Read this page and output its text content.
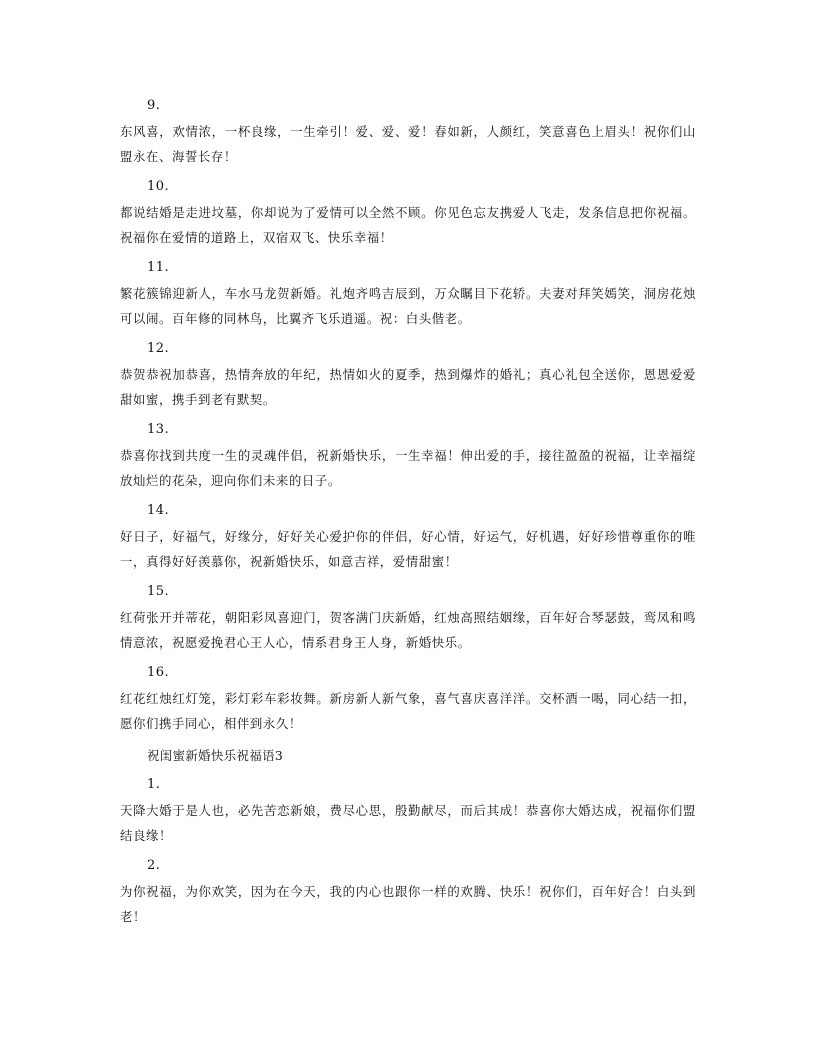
9.

东风喜，欢情浓，一杯良缘，一生牵引！爱、爱、爱！春如新，人颜红，笑意喜色上眉头！祝你们山盟永在、海誓长存！

10.

都说结婚是走进坟墓，你却说为了爱情可以全然不顾。你见色忘友携爱人飞走，发条信息把你祝福。祝福你在爱情的道路上，双宿双飞、快乐幸福！

11.

繁花簇锦迎新人，车水马龙贺新婚。礼炮齐鸣吉辰到，万众瞩目下花轿。夫妻对拜笑嫣笑，洞房花烛可以闹。百年修的同林鸟，比翼齐飞乐逍遥。祝：白头偕老。

12.

恭贺恭祝加恭喜，热情奔放的年纪，热情如火的夏季，热到爆炸的婚礼；真心礼包全送你，恩恩爱爱甜如蜜，携手到老有默契。

13.

恭喜你找到共度一生的灵魂伴侣，祝新婚快乐，一生幸福！伸出爱的手，接往盈盈的祝福，让幸福绽放灿烂的花朵，迎向你们未来的日子。

14.

好日子，好福气，好缘分，好好关心爱护你的伴侣，好心情，好运气，好机遇，好好珍惜尊重你的唯一，真得好好羡慕你，祝新婚快乐，如意吉祥，爱情甜蜜！

15.

红荷张开并蒂花，朝阳彩凤喜迎门，贺客满门庆新婚，红烛高照结姻缘，百年好合琴瑟鼓，鸾凤和鸣情意浓，祝愿爱挽君心王人心，情系君身王人身，新婚快乐。

16.

红花红烛红灯笼，彩灯彩车彩妆舞。新房新人新气象，喜气喜庆喜洋洋。交杯酒一喝，同心结一扣，愿你们携手同心，相伴到永久！

祝闺蜜新婚快乐祝福语3

1.

天降大婚于是人也，必先苦恋新娘，费尽心思，殷勤献尽，而后其成！恭喜你大婚达成，祝福你们盟结良缘！

2.

为你祝福，为你欢笑，因为在今天，我的内心也跟你一样的欢腾、快乐！祝你们，百年好合！白头到老！
